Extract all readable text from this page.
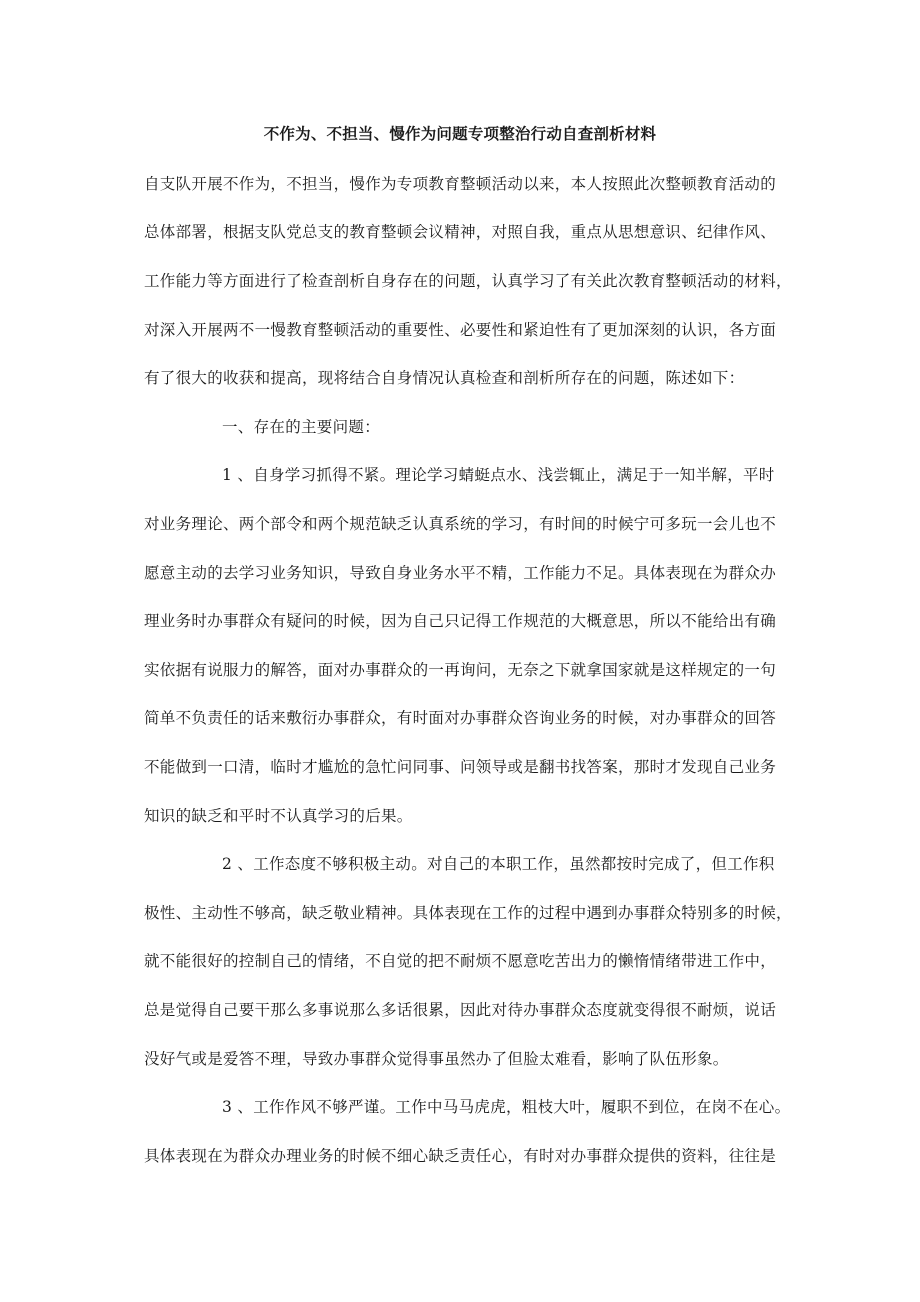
不作为、不担当、慢作为问题专项整治行动自查剖析材料
自支队开展不作为，不担当，慢作为专项教育整顿活动以来，本人按照此次整顿教育活动的
总体部署，根据支队党总支的教育整顿会议精神，对照自我，重点从思想意识、纪律作风、
工作能力等方面进行了检查剖析自身存在的问题，认真学习了有关此次教育整顿活动的材料，
对深入开展两不一慢教育整顿活动的重要性、必要性和紧迫性有了更加深刻的认识，各方面
有了很大的收获和提高，现将结合自身情况认真检查和剖析所存在的问题，陈述如下：
一、存在的主要问题：
1 、自身学习抓得不紧。理论学习蜻蜓点水、浅尝辄止，满足于一知半解，平时
对业务理论、两个部令和两个规范缺乏认真系统的学习，有时间的时候宁可多玩一会儿也不
愿意主动的去学习业务知识，导致自身业务水平不精，工作能力不足。具体表现在为群众办
理业务时办事群众有疑问的时候，因为自己只记得工作规范的大概意思，所以不能给出有确
实依据有说服力的解答，面对办事群众的一再询问，无奈之下就拿国家就是这样规定的一句
简单不负责任的话来敷衍办事群众，有时面对办事群众咨询业务的时候，对办事群众的回答
不能做到一口清，临时才尴尬的急忙问同事、问领导或是翻书找答案，那时才发现自己业务
知识的缺乏和平时不认真学习的后果。
2 、工作态度不够积极主动。对自己的本职工作，虽然都按时完成了，但工作积
极性、主动性不够高，缺乏敬业精神。具体表现在工作的过程中遇到办事群众特别多的时候，
就不能很好的控制自己的情绪，不自觉的把不耐烦不愿意吃苦出力的懒惰情绪带进工作中，
总是觉得自己要干那么多事说那么多话很累，因此对待办事群众态度就变得很不耐烦，说话
没好气或是爱答不理，导致办事群众觉得事虽然办了但脸太难看，影响了队伍形象。
3 、工作作风不够严谨。工作中马马虎虎，粗枝大叶，履职不到位，在岗不在心。
具体表现在为群众办理业务的时候不细心缺乏责任心，有时对办事群众提供的资料，往往是
